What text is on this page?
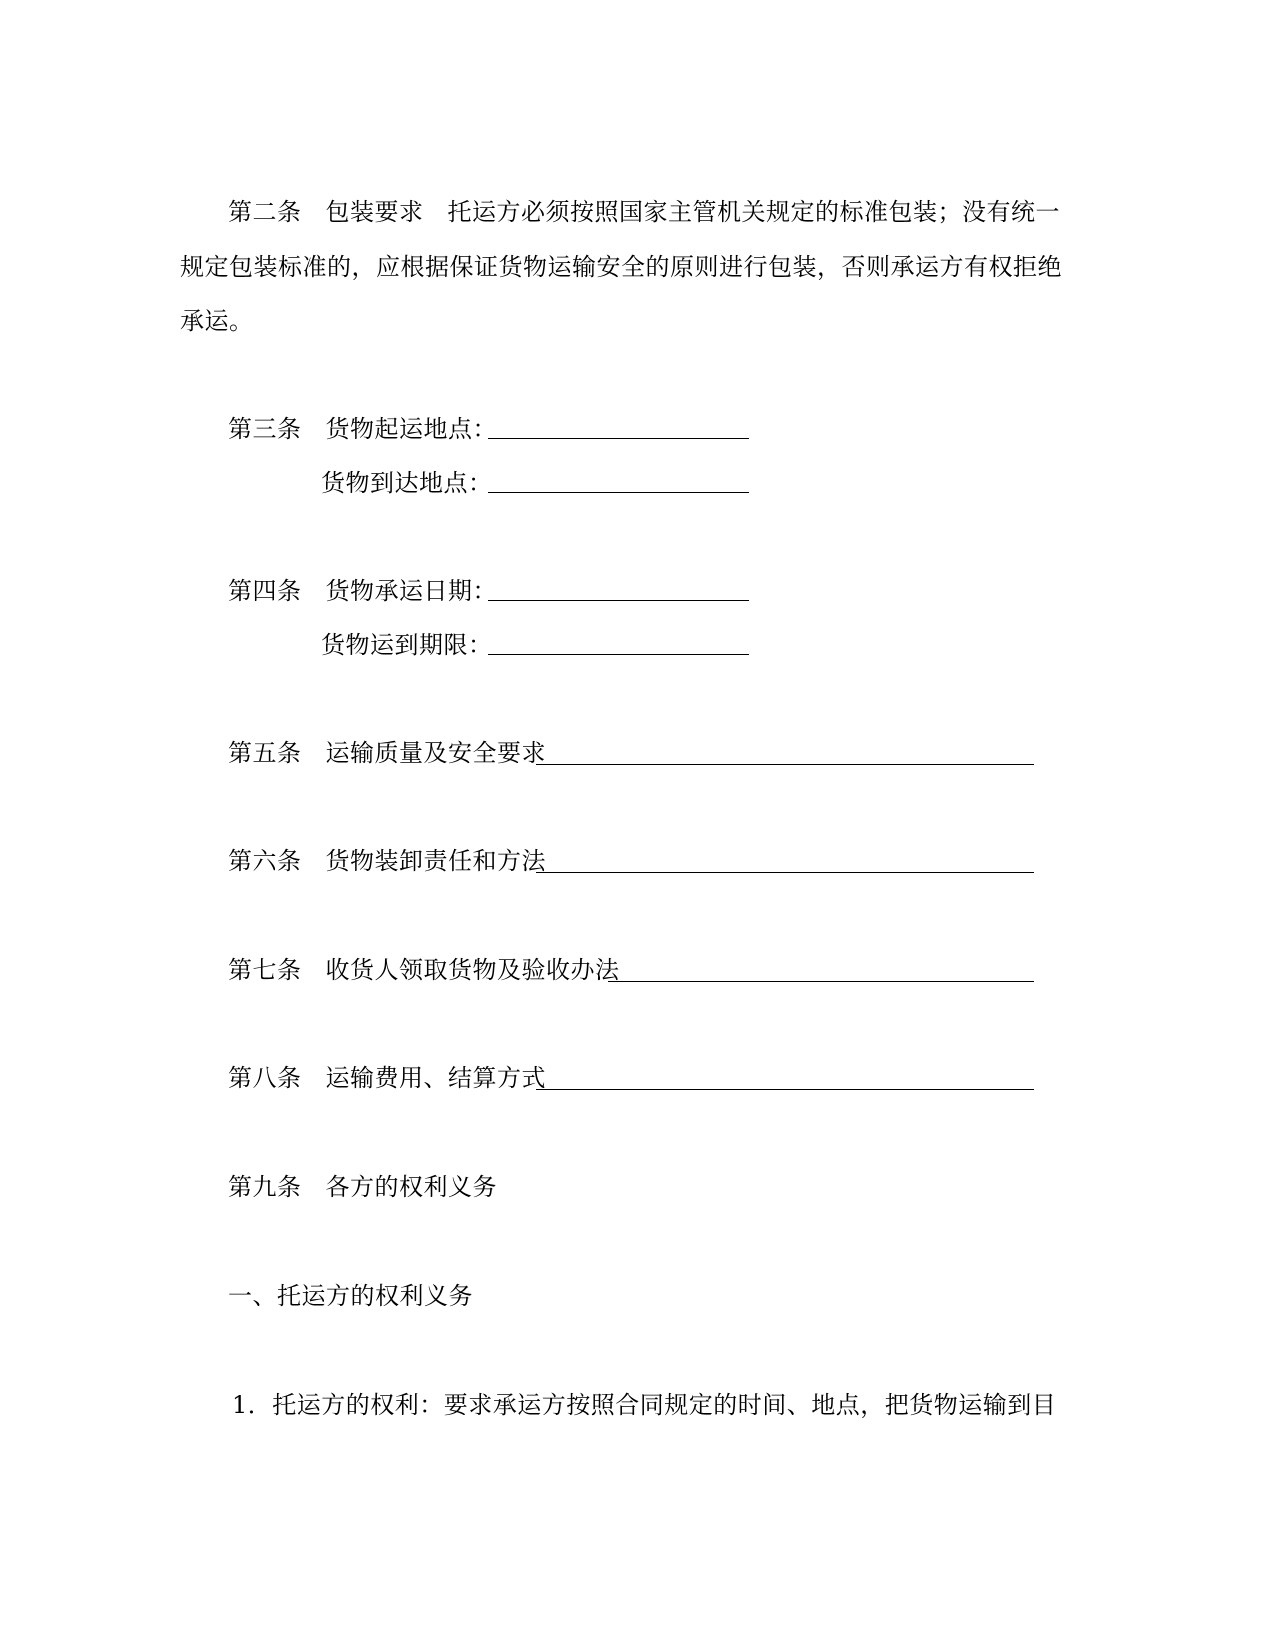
第二条 包装要求 托运方必须按照国家主管机关规定的标准包装；没有统一
规定包装标准的，应根据保证货物运输安全的原则进行包装，否则承运方有权拒绝
承运。
第三条 货物起运地点：
货物到达地点：
第四条 货物承运日期：
货物运到期限：
第五条 运输质量及安全要求
第六条 货物装卸责任和方法
第七条 收货人领取货物及验收办法
第八条 运输费用、结算方式
第九条 各方的权利义务
一、托运方的权利义务
1．托运方的权利：要求承运方按照合同规定的时间、地点，把货物运输到目
